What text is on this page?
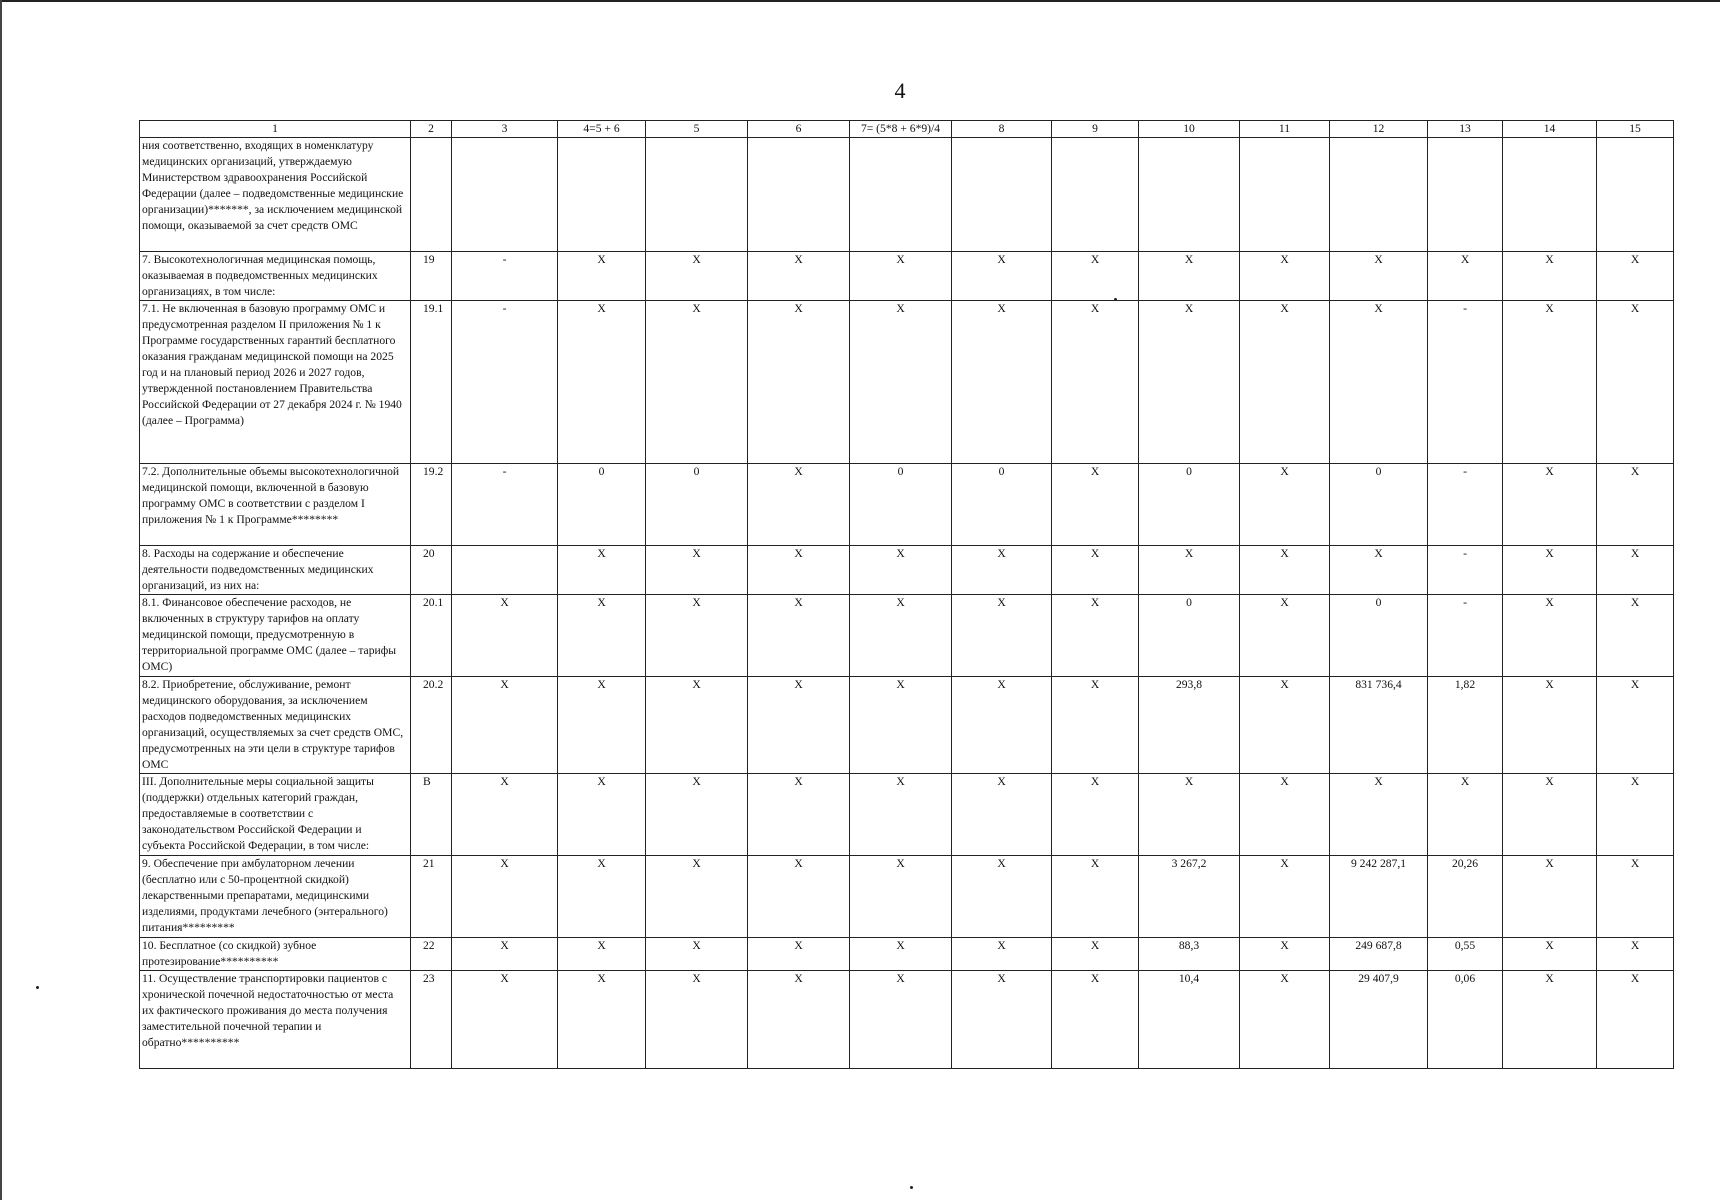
4
1	2	3	4=5 + 6	5	6	7= (5*8 + 6*9)/4	8	9	10	11	12	13	14	15
ния соответственно, входящих в номенклатуру медицинских организаций, утверждаемую Министерством здравоохранения Российской Федерации (далее – подведомственные медицинские организации)*******, за исключением медицинской помощи, оказываемой за счет средств ОМС														
7. Высокотехнологичная медицинская помощь, оказываемая в подведомственных медицинских организациях, в том числе:	19	-	X	X	X	X	X	X	X	X	X	X	X	X
7.1. Не включенная в базовую программу ОМС и предусмотренная разделом II приложения № 1 к Программе государственных гарантий бесплатного оказания гражданам медицинской помощи на 2025 год и на плановый период 2026 и 2027 годов, утвержденной постановлением Правительства Российской Федерации от 27 декабря 2024 г. № 1940 (далее – Программа)	19.1	-	X	X	X	X	X	X	X	X	X	-	X	X
7.2. Дополнительные объемы высокотехнологичной медицинской помощи, включенной в базовую программу ОМС в соответствии с разделом I приложения № 1 к Программе********	19.2	-	0	0	X	0	0	X	0	X	0	-	X	X
8. Расходы на содержание и обеспечение деятельности подведомственных медицинских организаций, из них на:	20		X	X	X	X	X	X	X	X	X	-	X	X
8.1. Финансовое обеспечение расходов, не включенных в структуру тарифов на оплату медицинской помощи, предусмотренную в территориальной программе ОМС (далее – тарифы ОМС)	20.1	X	X	X	X	X	X	X	0	X	0	-	X	X
8.2. Приобретение, обслуживание, ремонт медицинского оборудования, за исключением расходов подведомственных медицинских организаций, осуществляемых за счет средств ОМС, предусмотренных на эти цели в структуре тарифов ОМС	20.2	X	X	X	X	X	X	X	293,8	X	831 736,4	1,82	X	X
III. Дополнительные меры социальной защиты (поддержки) отдельных категорий граждан, предоставляемые в соответствии с законодательством Российской Федерации и субъекта Российской Федерации, в том числе:	В	X	X	X	X	X	X	X	X	X	X	X	X	X
9. Обеспечение при амбулаторном лечении (бесплатно или с 50-процентной скидкой) лекарственными препаратами, медицинскими изделиями, продуктами лечебного (энтерального) питания*********	21	X	X	X	X	X	X	X	3 267,2	X	9 242 287,1	20,26	X	X
10. Бесплатное (со скидкой) зубное протезирование**********	22	X	X	X	X	X	X	X	88,3	X	249 687,8	0,55	X	X
11. Осуществление транспортировки пациентов с хронической почечной недостаточностью от места их фактического проживания до места получения заместительной почечной терапии и обратно**********	23	X	X	X	X	X	X	X	10,4	X	29 407,9	0,06	X	X
